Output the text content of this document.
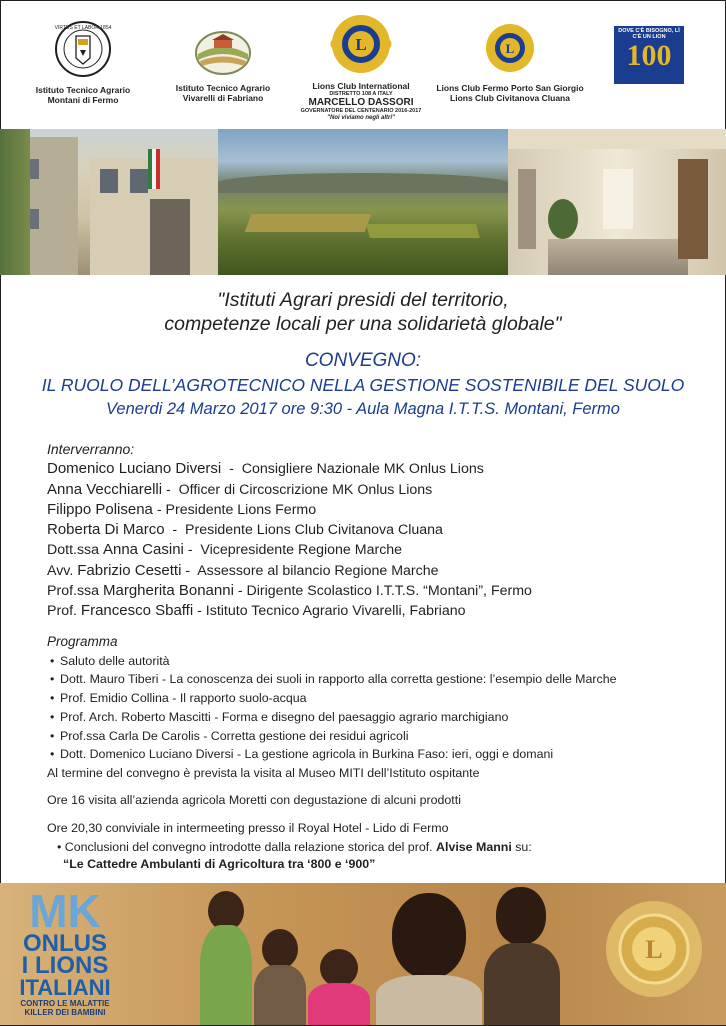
VIRTUS ET LABOR 1854
Istituto Tecnico Agrario
Montani di Fermo
Istituto Tecnico Agrario
Vivarelli di Fabriano
L
Lions Club International
DISTRETTO 108 A ITALY
MARCELLO DASSORI
GOVERNATORE DEL CENTENARIO 2016-2017
"Noi viviamo negli altri"
L
Lions Club Fermo Porto San Giorgio
Lions Club Civitanova Cluana
DOVE C'È BISOGNO, LÌ C'È UN LION
100
"Istituti Agrari presidi del territorio,
competenze locali per una solidarietà globale"
CONVEGNO:
IL RUOLO DELL’AGROTECNICO NELLA GESTIONE SOSTENIBILE DEL SUOLO
Venerdi 24 Marzo 2017 ore 9:30 - Aula Magna I.T.T.S. Montani, Fermo
Interverranno:
Domenico Luciano Diversi  -  Consigliere Nazionale MK Onlus Lions
Anna Vecchiarelli -  Officer di Circoscrizione MK Onlus Lions
Filippo Polisena - Presidente Lions Fermo
Roberta Di Marco  -  Presidente Lions Club Civitanova Cluana
Dott.ssa Anna Casini -  Vicepresidente Regione Marche
Avv. Fabrizio Cesetti -  Assessore al bilancio Regione Marche
Prof.ssa Margherita Bonanni - Dirigente Scolastico I.T.T.S. “Montani”, Fermo
Prof. Francesco Sbaffi - Istituto Tecnico Agrario Vivarelli, Fabriano
Programma
• Saluto delle autorità
• Dott. Mauro Tiberi - La conoscenza dei suoli in rapporto alla corretta gestione: l’esempio delle Marche
• Prof. Emidio Collina - Il rapporto suolo-acqua
• Prof. Arch. Roberto Mascitti - Forma e disegno del paesaggio agrario marchigiano
• Prof.ssa Carla De Carolis - Corretta gestione dei residui agricoli
• Dott. Domenico Luciano Diversi - La gestione agricola in Burkina Faso: ieri, oggi e domani
Al termine del convegno è prevista la visita al Museo MITI dell’Istituto ospitante
Ore 16 visita all’azienda agricola Moretti con degustazione di alcuni prodotti
Ore 20,30 conviviale in intermeeting presso il Royal Hotel - Lido di Fermo
• Conclusioni del convegno introdotte dalla relazione storica del prof. Alvise Manni su:
“Le Cattedre Ambulanti di Agricoltura tra ‘800 e ‘900”
MK
ONLUS
I LIONS
ITALIANI
CONTRO LE MALATTIE
KILLER DEI BAMBINI
L
